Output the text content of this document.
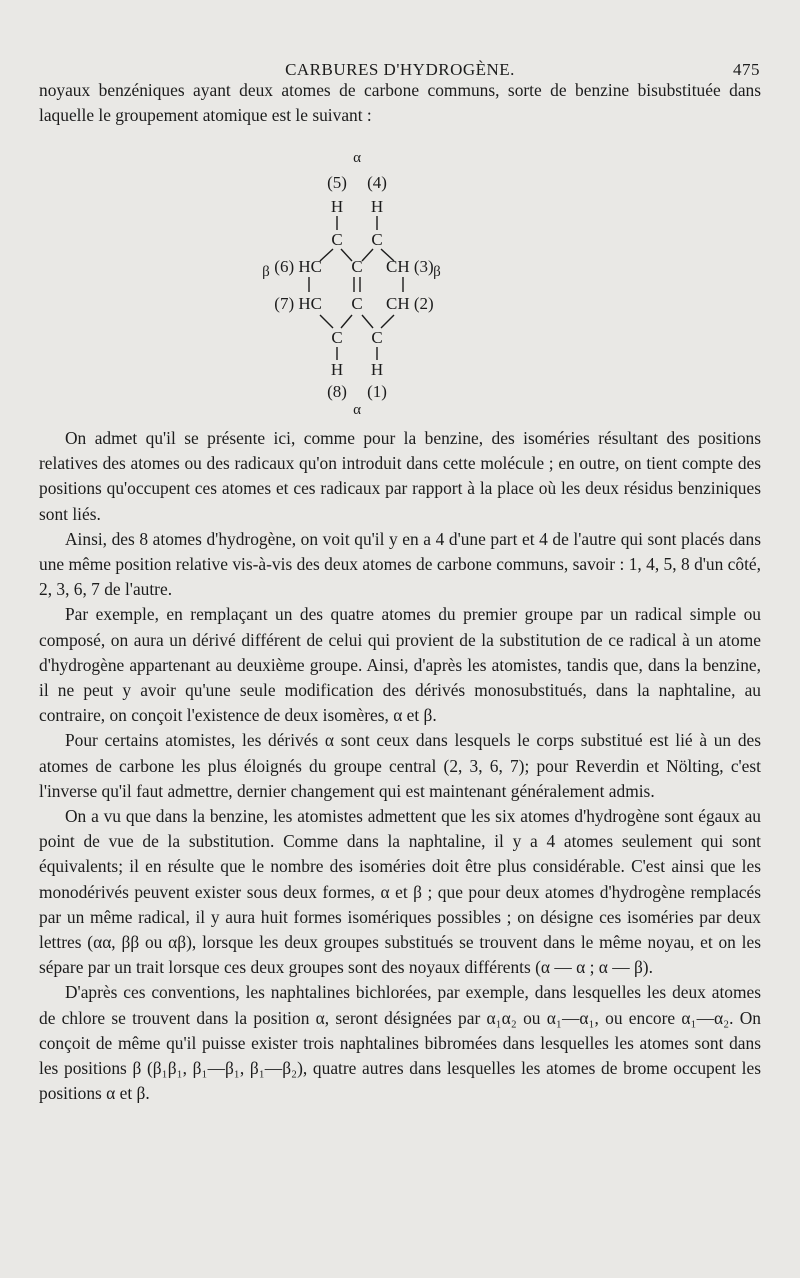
CARBURES D'HYDROGÈNE.	475

noyaux benzéniques ayant deux atomes de carbone communs, sorte de benzine bisubstituée dans laquelle le groupement atomique est le suivant :

α
(5) (4)
H H
C C
β	β
(6) HC C CH (3)
(7) HC C CH (2)
C C
H H
(8) (1)
α

On admet qu'il se présente ici, comme pour la benzine, des isoméries résultant des positions relatives des atomes ou des radicaux qu'on introduit dans cette molécule ; en outre, on tient compte des positions qu'occupent ces atomes et ces radicaux par rapport à la place où les deux résidus benziniques sont liés.

Ainsi, des 8 atomes d'hydrogène, on voit qu'il y en a 4 d'une part et 4 de l'autre qui sont placés dans une même position relative vis-à-vis des deux atomes de carbone communs, savoir : 1, 4, 5, 8 d'un côté, 2, 3, 6, 7 de l'autre.

Par exemple, en remplaçant un des quatre atomes du premier groupe par un radical simple ou composé, on aura un dérivé différent de celui qui provient de la substitution de ce radical à un atome d'hydrogène appartenant au deuxième groupe. Ainsi, d'après les atomistes, tandis que, dans la benzine, il ne peut y avoir qu'une seule modification des dérivés monosubstitués, dans la naphtaline, au contraire, on conçoit l'existence de deux isomères, α et β.

Pour certains atomistes, les dérivés α sont ceux dans lesquels le corps substitué est lié à un des atomes de carbone les plus éloignés du groupe central (2, 3, 6, 7); pour Reverdin et Nölting, c'est l'inverse qu'il faut admettre, dernier changement qui est maintenant généralement admis.

On a vu que dans la benzine, les atomistes admettent que les six atomes d'hydrogène sont égaux au point de vue de la substitution. Comme dans la naphtaline, il y a 4 atomes seulement qui sont équivalents; il en résulte que le nombre des isoméries doit être plus considérable. C'est ainsi que les monodérivés peuvent exister sous deux formes, α et β ; que pour deux atomes d'hydrogène remplacés par un même radical, il y aura huit formes isomériques possibles ; on désigne ces isoméries par deux lettres (αα, ββ ou αβ), lorsque les deux groupes substitués se trouvent dans le même noyau, et on les sépare par un trait lorsque ces deux groupes sont des noyaux différents (α — α ; α — β).

D'après ces conventions, les naphtalines bichlorées, par exemple, dans lesquelles les deux atomes de chlore se trouvent dans la position α, seront désignées par α₁α₂ ou α₁—α₁, ou encore α₁—α₂. On conçoit de même qu'il puisse exister trois naphtalines bibromées dans lesquelles les atomes sont dans les positions β (β₁β₁, β₁—β₁, β₁—β₂), quatre autres dans lesquelles les atomes de brome occupent les positions α et β.
